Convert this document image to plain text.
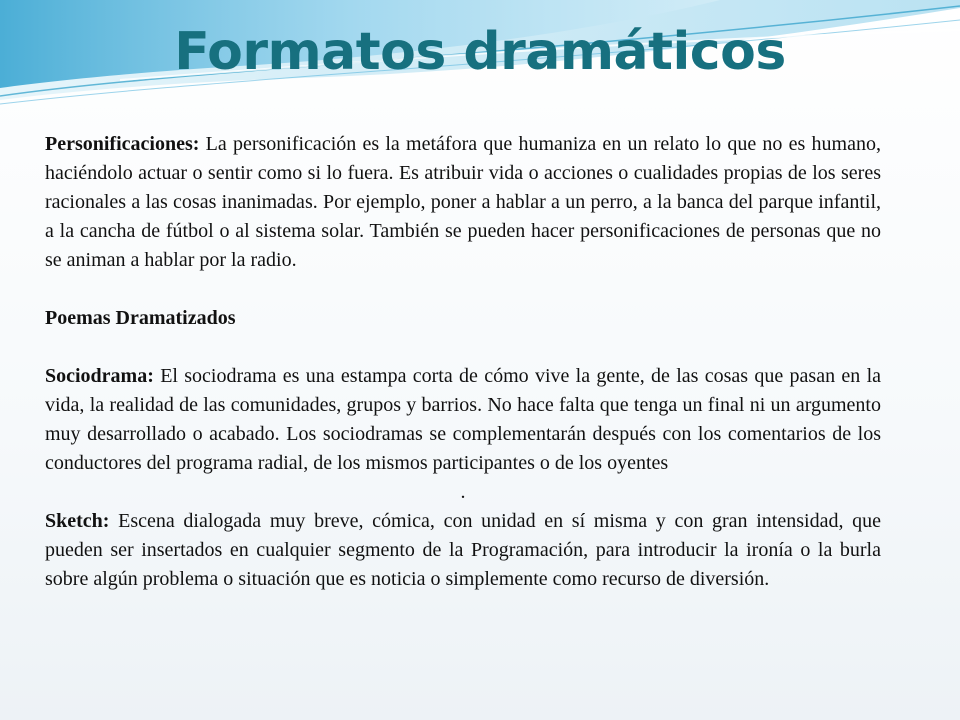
Formatos dramáticos

Personificaciones: La personificación es la metáfora que humaniza en un relato lo que no es humano, haciéndolo actuar o sentir como si lo fuera. Es atribuir vida o acciones o cualidades propias de los seres racionales a las cosas inanimadas. Por ejemplo, poner a hablar a un perro, a la banca del parque infantil, a la cancha de fútbol o al sistema solar. También se pueden hacer personificaciones de personas que no se animan a hablar por la radio.

Poemas Dramatizados

Sociodrama: El sociodrama es una estampa corta de cómo vive la gente, de las cosas que pasan en la vida, la realidad de las comunidades, grupos y barrios. No hace falta que tenga un final ni un argumento muy desarrollado o acabado. Los sociodramas se complementarán después con los comentarios de los conductores del programa radial, de los mismos participantes o de los oyentes

.

Sketch: Escena dialogada muy breve, cómica, con unidad en sí misma y con gran intensidad, que pueden ser insertados en cualquier segmento de la Programación, para introducir la ironía o la burla sobre algún problema o situación que es noticia o simplemente como recurso de diversión.
